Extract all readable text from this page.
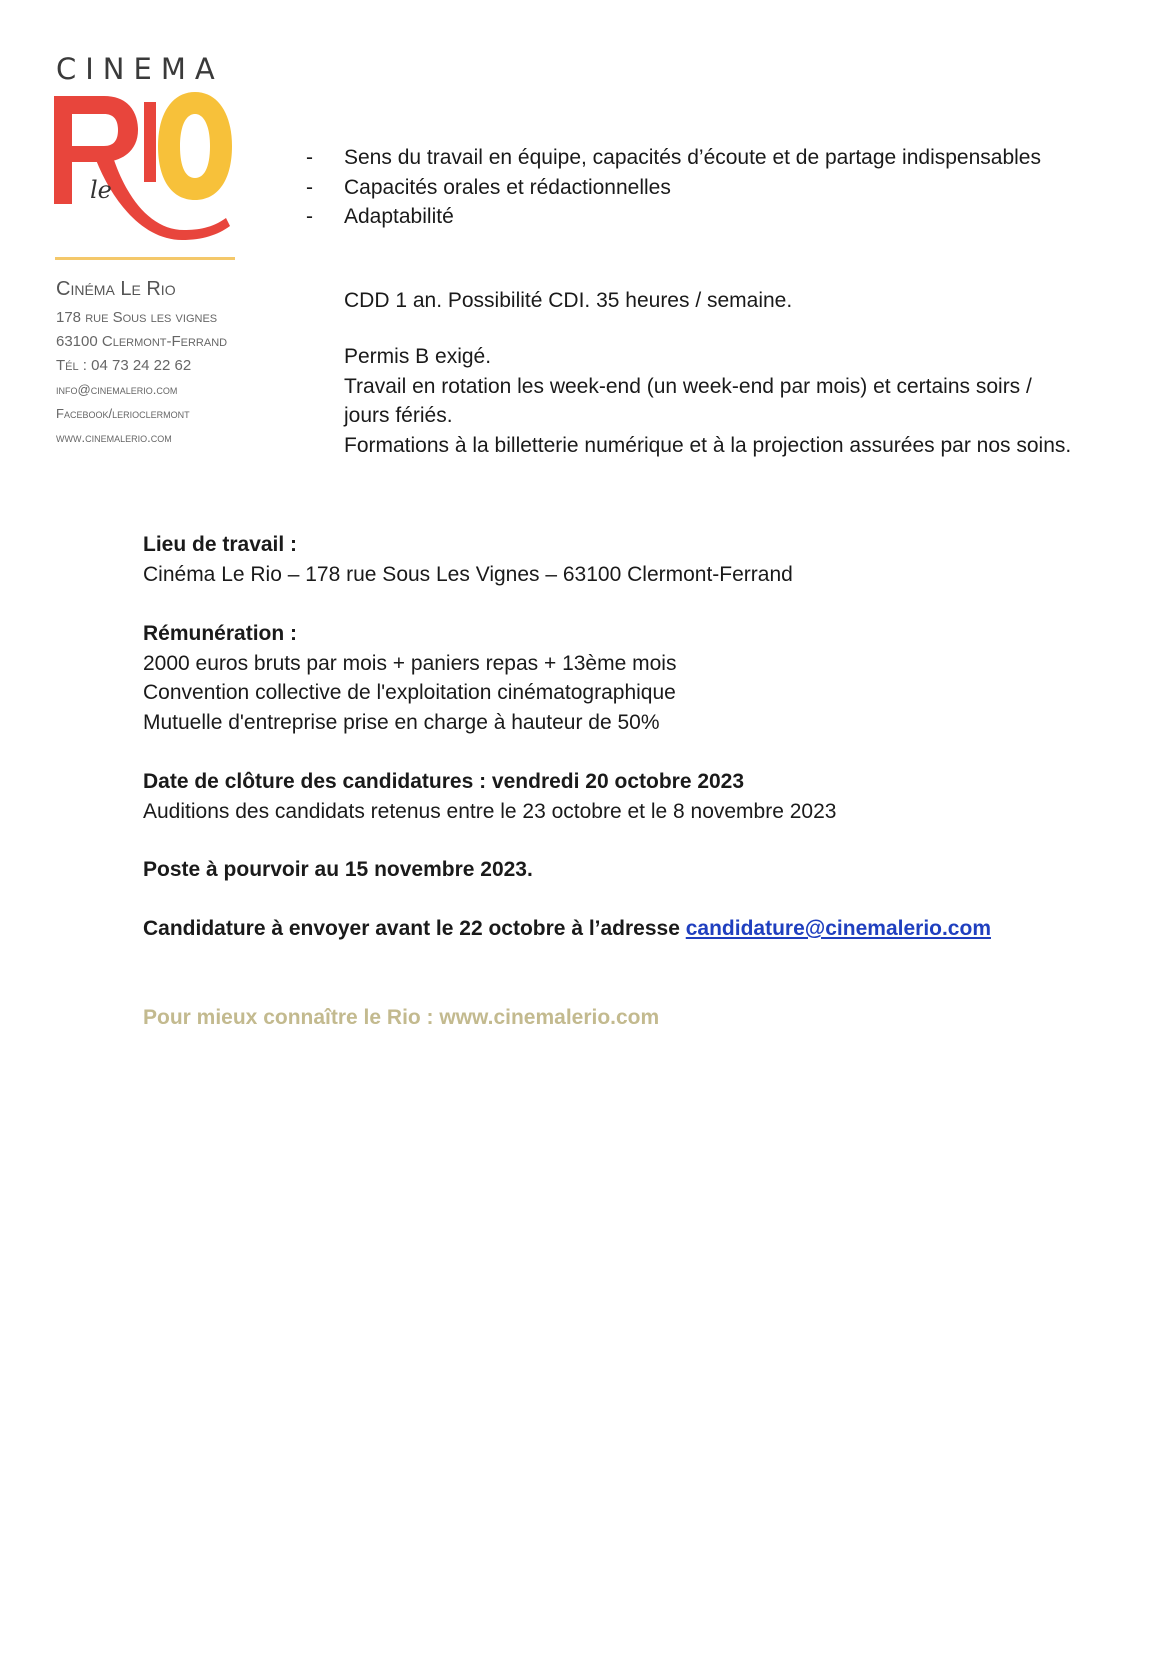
CINEMA
le
Cinéma Le Rio
178 rue Sous les vignes
63100 Clermont-Ferrand
Tél : 04 73 24 22 62
info@cinemalerio.com
Facebook/lerioclermont
www.cinemalerio.com
- Sens du travail en équipe, capacités d’écoute et de partage indispensables
- Capacités orales et rédactionnelles
- Adaptabilité
CDD 1 an. Possibilité CDI. 35 heures / semaine.
Permis B exigé.
Travail en rotation les week-end (un week-end par mois) et certains soirs / jours fériés.
Formations à la billetterie numérique et à la projection assurées par nos soins.
Lieu de travail :
Cinéma Le Rio – 178 rue Sous Les Vignes – 63100 Clermont-Ferrand
Rémunération :
2000 euros bruts par mois + paniers repas + 13ème mois
Convention collective de l'exploitation cinématographique
Mutuelle d'entreprise prise en charge à hauteur de 50%
Date de clôture des candidatures : vendredi 20 octobre 2023
Auditions des candidats retenus entre le 23 octobre et le 8 novembre 2023
Poste à pourvoir au 15 novembre 2023.
Candidature à envoyer avant le 22 octobre à l’adresse candidature@cinemalerio.com
Pour mieux connaître le Rio : www.cinemalerio.com
